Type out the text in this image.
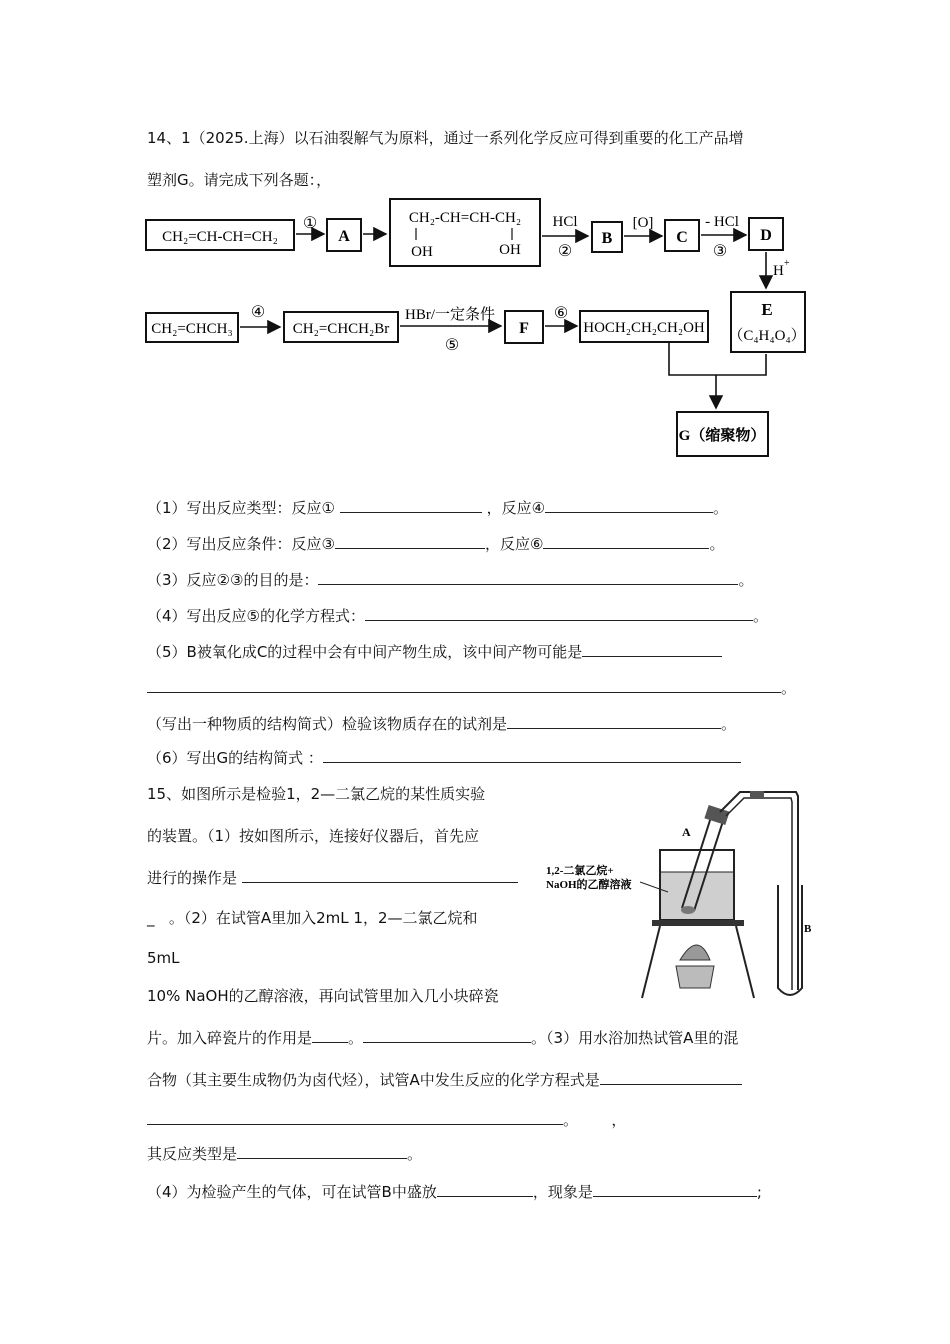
14、1（2025.上海）以石油裂解气为原料，通过一系列化学反应可得到重要的化工产品增
塑剂G。请完成下列各题：，
CH₂=CH-CH=CH₂
①
A
CH₂-CH=CH-CH₂
OH	OH
HCl
②
B
[O]
C
- HCl
③
D
H +
E
（C₄H₄O₄）
CH₂=CHCH₃
④
CH₂=CHCH₂Br
HBr/一定条件
⑤
F
⑥
HOCH₂CH₂CH₂OH
G（缩聚物）
（1）写出反应类型：反应①	，反应④	。
（2）写出反应条件：反应③	，反应⑥	。
（3）反应②③的目的是：	。
（4）写出反应⑤的化学方程式：	。
（5）B被氧化成C的过程中会有中间产物生成，该中间产物可能是
。
（写出一种物质的结构简式）检验该物质存在的试剂是	。
（6）写出G的结构简式 ：
15、如图所示是检验1，2—二氯乙烷的某性质实验
的装置。（1）按如图所示，连接好仪器后，首先应
进行的操作是
_ 。（2）在试管A里加入2mL 1，2—二氯乙烷和
5mL
10% NaOH的乙醇溶液，再向试管里加入几小块碎瓷
片。加入碎瓷片的作用是 。	。（3）用水浴加热试管A里的混
合物（其主要生成物仍为卤代烃），试管A中发生反应的化学方程式是
。 ，
其反应类型是	。
（4）为检验产生的气体，可在试管B中盛放	，现象是	;
A
B
1,2-二氯乙烷+
NaOH的乙醇溶液
